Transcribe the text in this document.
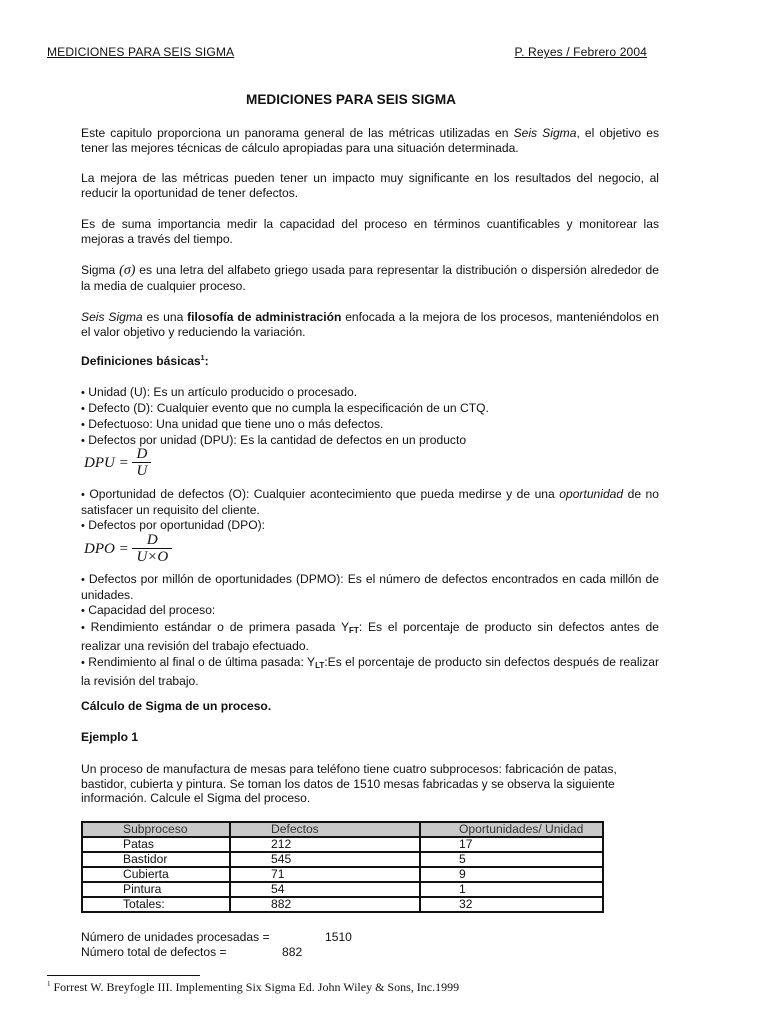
MEDICIONES PARA SEIS SIGMA	P. Reyes / Febrero 2004
MEDICIONES PARA SEIS SIGMA

Este capitulo proporciona un panorama general de las métricas utilizadas en Seis Sigma, el objetivo es tener las mejores técnicas de cálculo apropiadas para una situación determinada.

La mejora de las métricas pueden tener un impacto muy significante en los resultados del negocio, al reducir la oportunidad de tener defectos.

Es de suma importancia medir la capacidad del proceso en términos cuantificables y monitorear las mejoras a través del tiempo.

Sigma (σ) es una letra del alfabeto griego usada para representar la distribución o dispersión alrededor de la media de cualquier proceso.

Seis Sigma es una filosofía de administración enfocada a la mejora de los procesos, manteniéndolos en el valor objetivo y reduciendo la variación.

Definiciones básicas$^1$:
• Unidad (U): Es un artículo producido o procesado.
• Defecto (D): Cualquier evento que no cumpla la especificación de un CTQ.
• Defectuoso: Una unidad que tiene uno o más defectos.
• Defectos por unidad (DPU): Es la cantidad de defectos en un producto
DPU = $\frac{D}{U}$
• Oportunidad de defectos (O): Cualquier acontecimiento que pueda medirse y de una oportunidad de no satisfacer un requisito del cliente.
• Defectos por oportunidad (DPO):
DPO = $\frac{D}{U\times O}$
• Defectos por millón de oportunidades (DPMO): Es el número de defectos encontrados en cada millón de unidades.
• Capacidad del proceso:
• Rendimiento estándar o de primera pasada $Y_{FT}$: Es el porcentaje de producto sin defectos antes de realizar una revisión del trabajo efectuado.
• Rendimiento al final o de última pasada: $Y_{LT}:Es$ el porcentaje de producto sin defectos después de realizar la revisión del trabajo.
Cálculo de Sigma de un proceso.
Ejemplo 1

Un proceso de manufactura de mesas para teléfono tiene cuatro subprocesos: fabricación de patas, bastidor, cubierta y pintura. Se toman los datos de 1510 mesas fabricadas y se observa la siguiente información. Calcule el Sigma del proceso.

Subproceso	Defectos	Oportunidades/ Unidad
Patas	212	17
Bastidor	545	5
Cubierta	71	9
Pintura	54	1
Totales:	882	32
Número de unidades procesadas =	1510
Número total de defectos =	882
$^1$ Forrest W. Breyfogle III. Implementing Six Sigma Ed. John Wiley & Sons, Inc.1999
